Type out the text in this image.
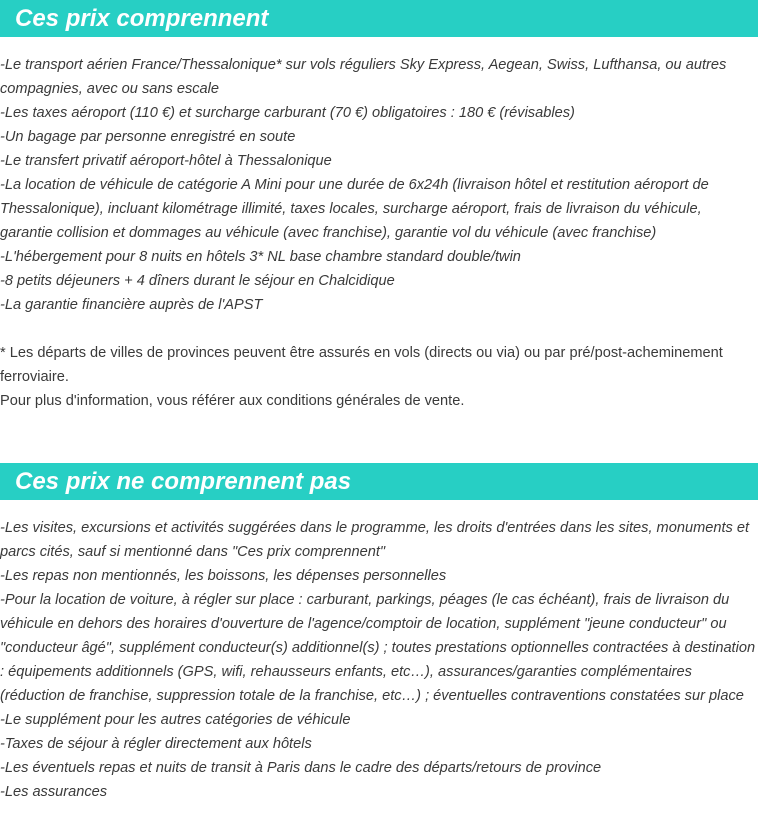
Ces prix comprennent

-Le transport aérien France/Thessalonique* sur vols réguliers Sky Express, Aegean, Swiss, Lufthansa, ou autres compagnies, avec ou sans escale

-Les taxes aéroport (110 €) et surcharge carburant (70 €) obligatoires : 180 € (révisables)

-Un bagage par personne enregistré en soute

-Le transfert privatif aéroport-hôtel à Thessalonique

-La location de véhicule de catégorie A Mini pour une durée de 6x24h (livraison hôtel et restitution aéroport de Thessalonique), incluant kilométrage illimité, taxes locales, surcharge aéroport, frais de livraison du véhicule, garantie collision et dommages au véhicule (avec franchise), garantie vol du véhicule (avec franchise)

-L'hébergement pour 8 nuits en hôtels 3* NL base chambre standard double/twin

-8 petits déjeuners + 4 dîners durant le séjour en Chalcidique

-La garantie financière auprès de l'APST

* Les départs de villes de provinces peuvent être assurés en vols (directs ou via) ou par pré/post-acheminement ferroviaire.

Pour plus d'information, vous référer aux conditions générales de vente.

Ces prix ne comprennent pas

-Les visites, excursions et activités suggérées dans le programme, les droits d'entrées dans les sites, monuments et parcs cités, sauf si mentionné dans "Ces prix comprennent"

-Les repas non mentionnés, les boissons, les dépenses personnelles

-Pour la location de voiture, à régler sur place : carburant, parkings, péages (le cas échéant), frais de livraison du véhicule en dehors des horaires d'ouverture de l'agence/comptoir de location, supplément "jeune conducteur" ou "conducteur âgé", supplément conducteur(s) additionnel(s) ; toutes prestations optionnelles contractées à destination : équipements additionnels (GPS, wifi, rehausseurs enfants, etc…), assurances/garanties complémentaires (réduction de franchise, suppression totale de la franchise, etc…) ; éventuelles contraventions constatées sur place

-Le supplément pour les autres catégories de véhicule

-Taxes de séjour à régler directement aux hôtels

-Les éventuels repas et nuits de transit à Paris dans le cadre des départs/retours de province

-Les assurances
